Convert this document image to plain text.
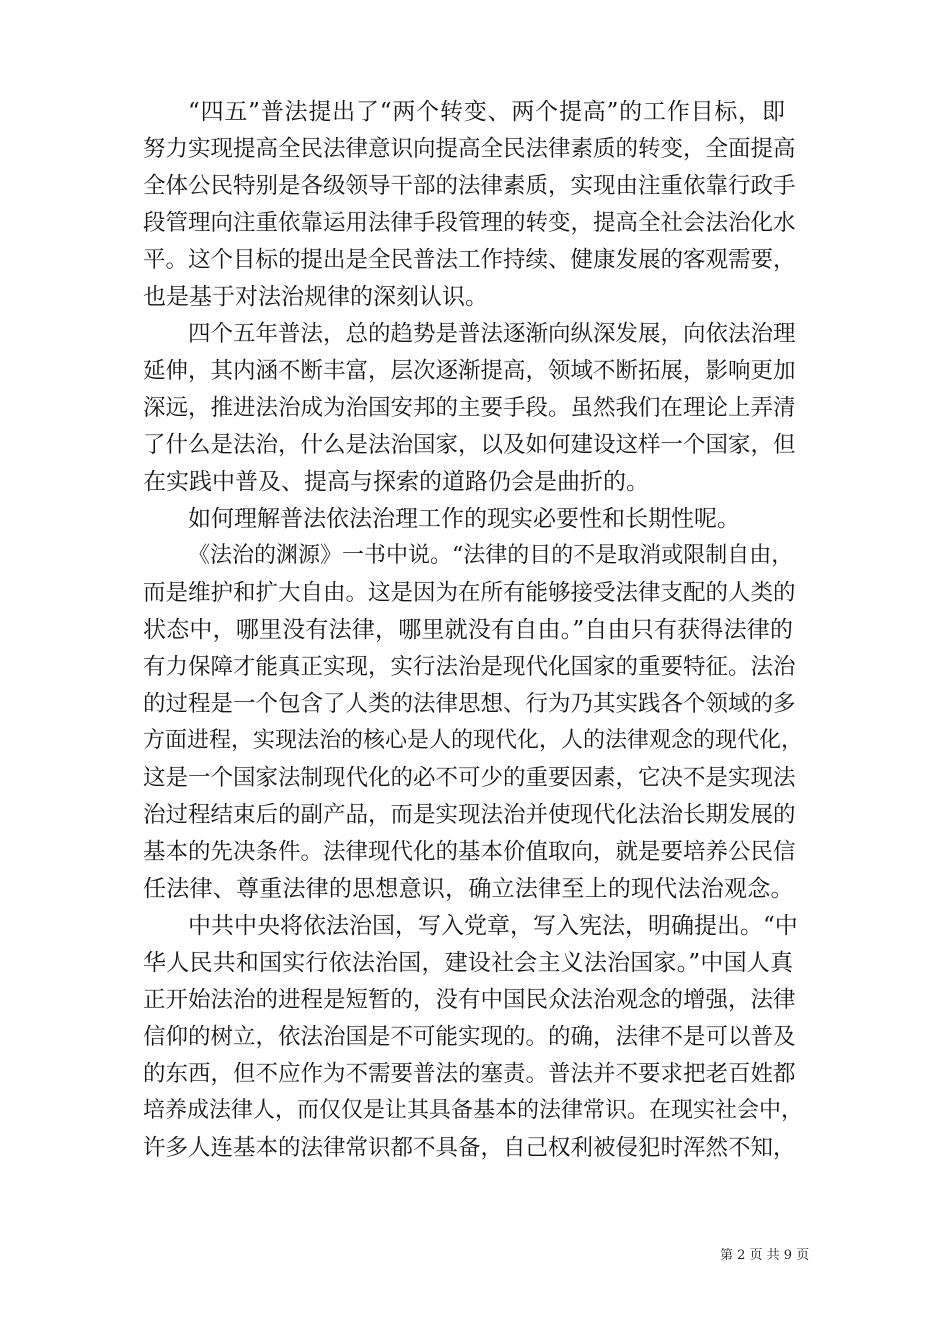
“四五”普法提出了“两个转变、两个提高”的工作目标，即
努力实现提高全民法律意识向提高全民法律素质的转变，全面提高
全体公民特别是各级领导干部的法律素质，实现由注重依靠行政手
段管理向注重依靠运用法律手段管理的转变，提高全社会法治化水
平。这个目标的提出是全民普法工作持续、健康发展的客观需要，
也是基于对法治规律的深刻认识。
四个五年普法，总的趋势是普法逐渐向纵深发展，向依法治理
延伸，其内涵不断丰富，层次逐渐提高，领域不断拓展，影响更加
深远，推进法治成为治国安邦的主要手段。虽然我们在理论上弄清
了什么是法治，什么是法治国家，以及如何建设这样一个国家，但
在实践中普及、提高与探索的道路仍会是曲折的。
如何理解普法依法治理工作的现实必要性和长期性呢。
《法治的渊源》一书中说。“法律的目的不是取消或限制自由，
而是维护和扩大自由。这是因为在所有能够接受法律支配的人类的
状态中，哪里没有法律，哪里就没有自由。”自由只有获得法律的
有力保障才能真正实现，实行法治是现代化国家的重要特征。法治
的过程是一个包含了人类的法律思想、行为乃其实践各个领域的多
方面进程，实现法治的核心是人的现代化，人的法律观念的现代化，
这是一个国家法制现代化的必不可少的重要因素，它决不是实现法
治过程结束后的副产品，而是实现法治并使现代化法治长期发展的
基本的先决条件。法律现代化的基本价值取向，就是要培养公民信
任法律、尊重法律的思想意识，确立法律至上的现代法治观念。
中共中央将依法治国，写入党章，写入宪法，明确提出。“中
华人民共和国实行依法治国，建设社会主义法治国家。”中国人真
正开始法治的进程是短暂的，没有中国民众法治观念的增强，法律
信仰的树立，依法治国是不可能实现的。的确，法律不是可以普及
的东西，但不应作为不需要普法的塞责。普法并不要求把老百姓都
培养成法律人，而仅仅是让其具备基本的法律常识。在现实社会中，
许多人连基本的法律常识都不具备，自己权利被侵犯时浑然不知，
第 2 页 共 9 页
